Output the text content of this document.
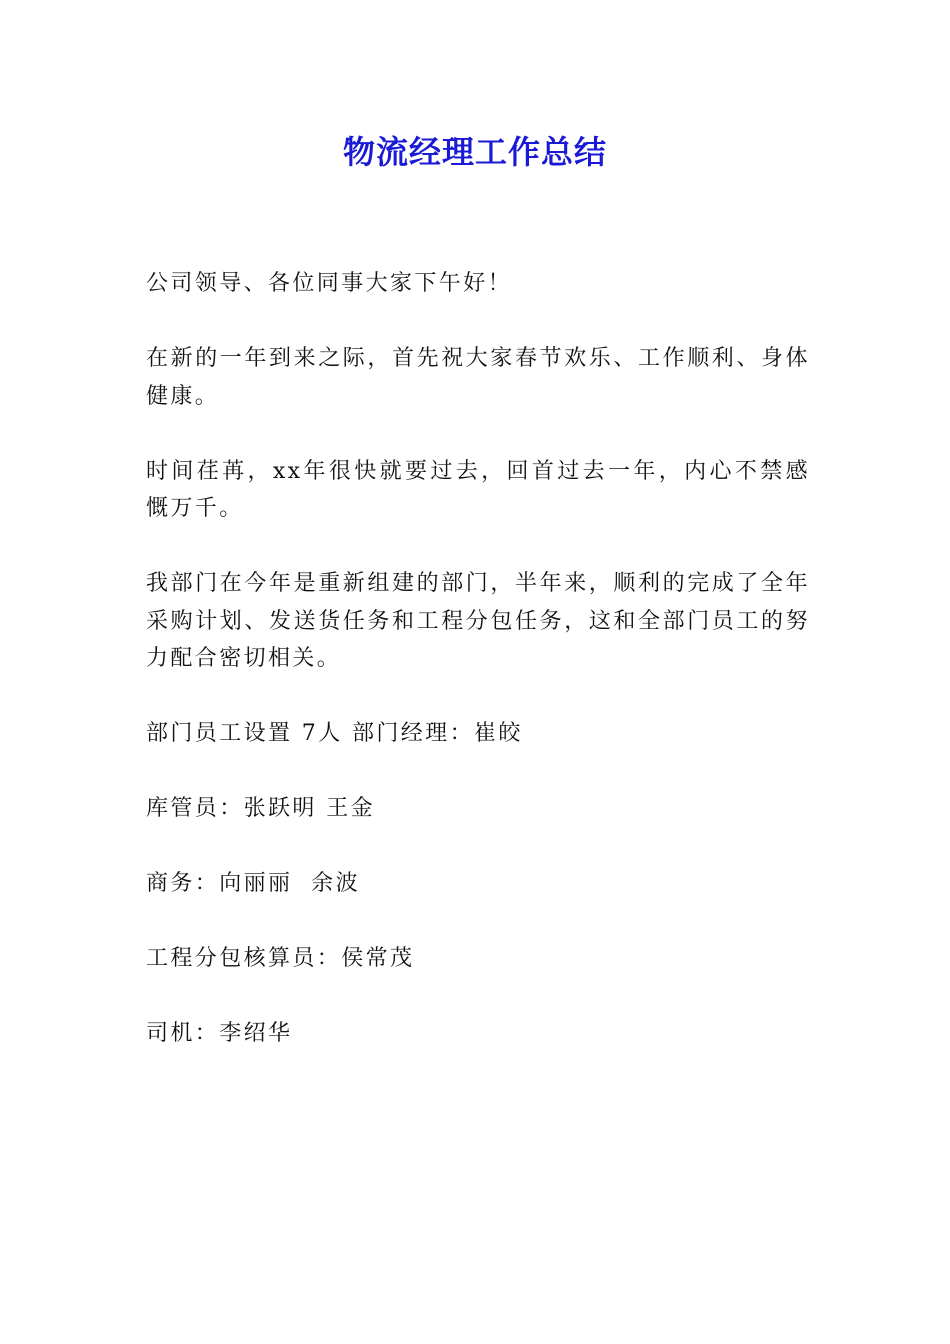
物流经理工作总结

公司领导、各位同事大家下午好！

在新的一年到来之际，首先祝大家春节欢乐、工作顺利、身体健康。

时间荏苒，xx年很快就要过去，回首过去一年，内心不禁感慨万千。

我部门在今年是重新组建的部门，半年来，顺利的完成了全年采购计划、发送货任务和工程分包任务，这和全部门员工的努力配合密切相关。

部门员工设置 7人 部门经理：崔皎

库管员：张跃明 王金

商务：向丽丽  余波

工程分包核算员：侯常茂

司机：李绍华
